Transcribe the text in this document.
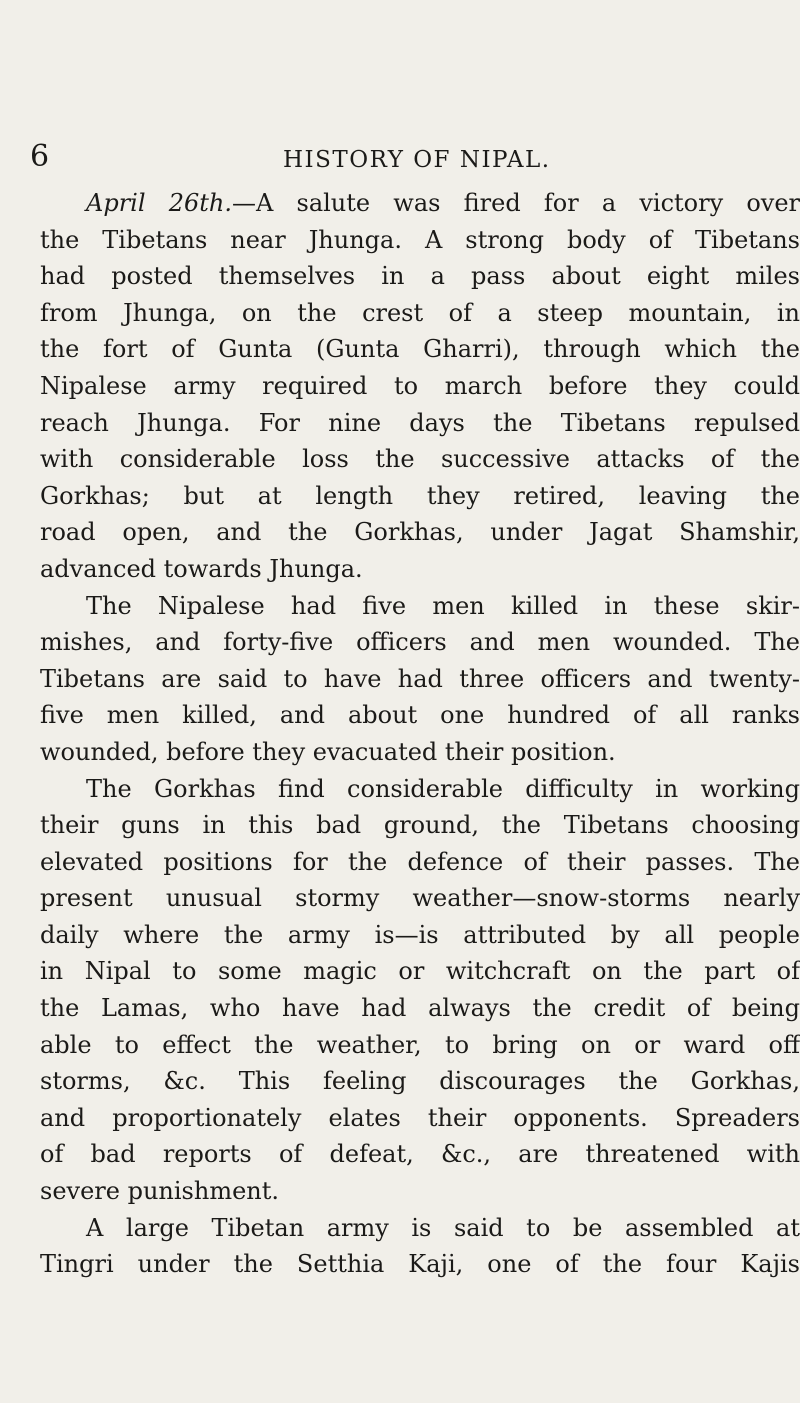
6	HISTORY OF NIPAL.
April 26th.—A salute was fired for a victory over
the Tibetans near Jhunga. A strong body of Tibetans
had posted themselves in a pass about eight miles
from Jhunga, on the crest of a steep mountain, in
the fort of Gunta (Gunta Gharri), through which the
Nipalese army required to march before they could
reach Jhunga. For nine days the Tibetans repulsed
with considerable loss the successive attacks of the
Gorkhas; but at length they retired, leaving the
road open, and the Gorkhas, under Jagat Shamshir,
advanced towards Jhunga.
The Nipalese had five men killed in these skir-
mishes, and forty-five officers and men wounded. The
Tibetans are said to have had three officers and twenty-
five men killed, and about one hundred of all ranks
wounded, before they evacuated their position.
The Gorkhas find considerable difficulty in working
their guns in this bad ground, the Tibetans choosing
elevated positions for the defence of their passes. The
present unusual stormy weather—snow-storms nearly
daily where the army is—is attributed by all people
in Nipal to some magic or witchcraft on the part of
the Lamas, who have had always the credit of being
able to effect the weather, to bring on or ward off
storms, &c. This feeling discourages the Gorkhas,
and proportionately elates their opponents. Spreaders
of bad reports of defeat, &c., are threatened with
severe punishment.
A large Tibetan army is said to be assembled at
Tingri under the Setthia Kaji, one of the four Kajis
